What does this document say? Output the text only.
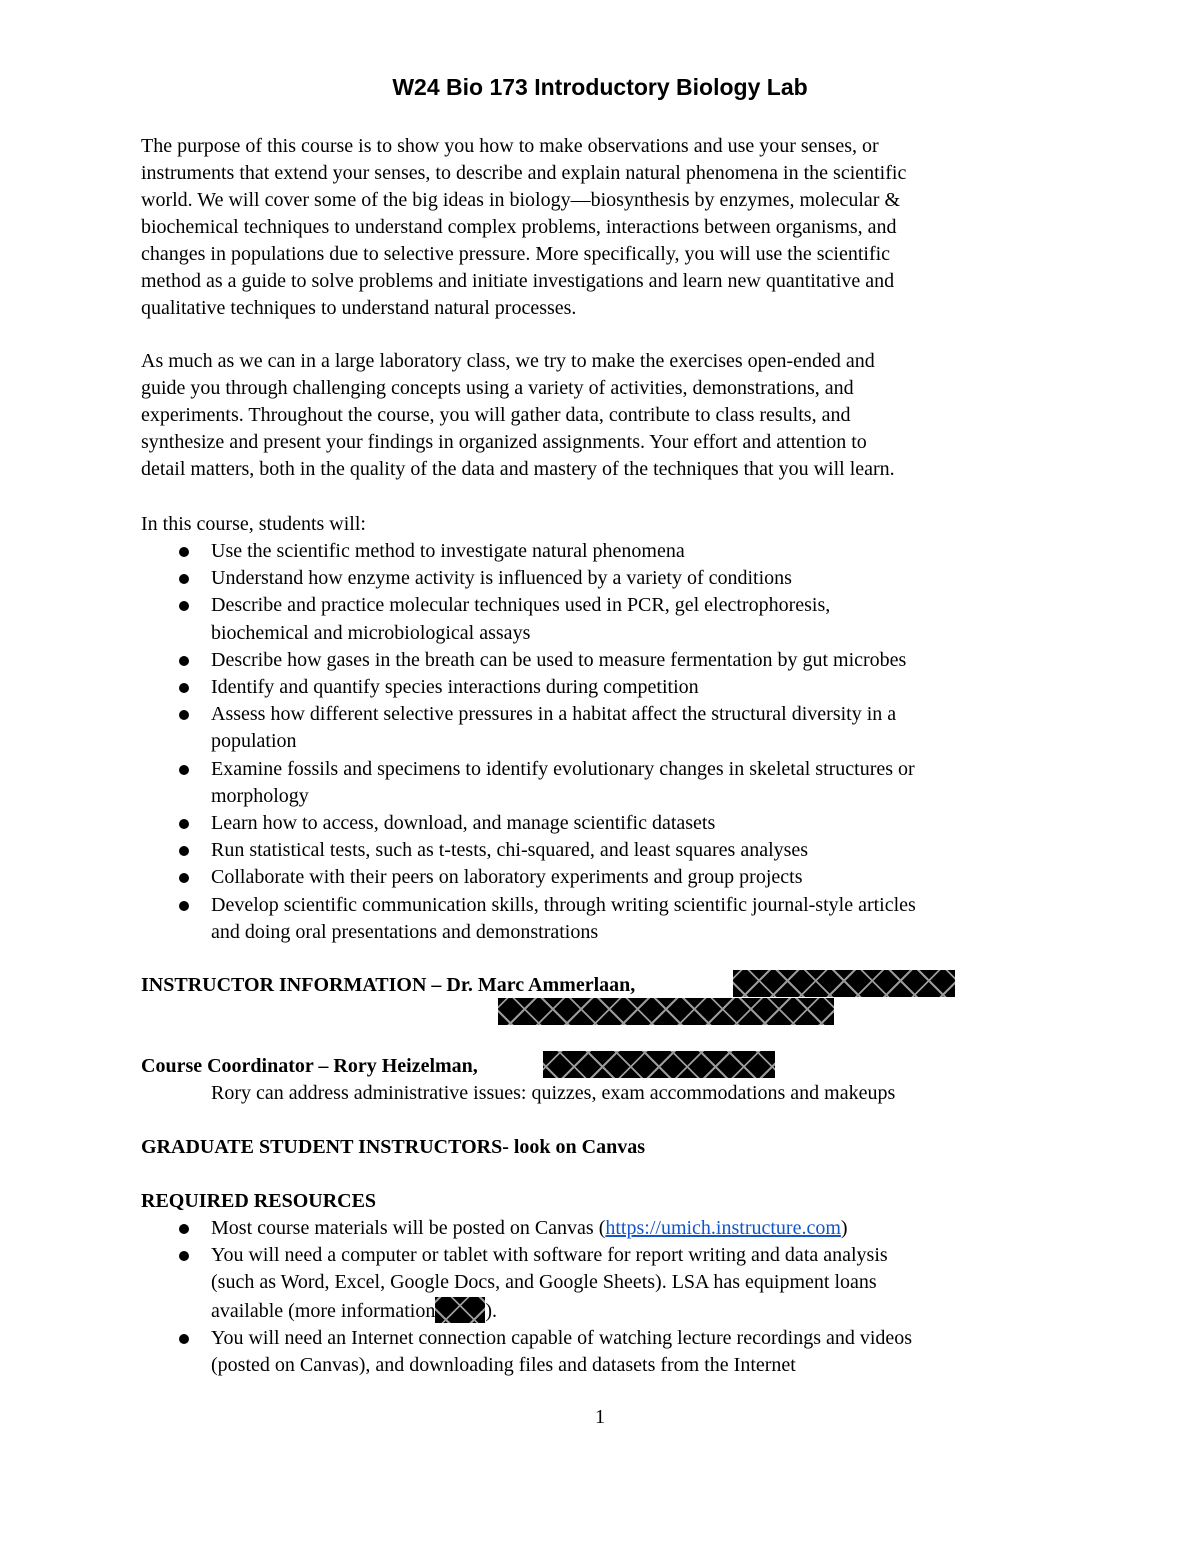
W24 Bio 173 Introductory Biology Lab
The purpose of this course is to show you how to make observations and use your senses, or
instruments that extend your senses, to describe and explain natural phenomena in the scientific
world. We will cover some of the big ideas in biology—biosynthesis by enzymes, molecular &
biochemical techniques to understand complex problems, interactions between organisms, and
changes in populations due to selective pressure. More specifically, you will use the scientific
method as a guide to solve problems and initiate investigations and learn new quantitative and
qualitative techniques to understand natural processes.
As much as we can in a large laboratory class, we try to make the exercises open-ended and
guide you through challenging concepts using a variety of activities, demonstrations, and
experiments. Throughout the course, you will gather data, contribute to class results, and
synthesize and present your findings in organized assignments. Your effort and attention to
detail matters, both in the quality of the data and mastery of the techniques that you will learn.
In this course, students will:
Use the scientific method to investigate natural phenomena
Understand how enzyme activity is influenced by a variety of conditions
Describe and practice molecular techniques used in PCR, gel electrophoresis,
biochemical and microbiological assays
Describe how gases in the breath can be used to measure fermentation by gut microbes
Identify and quantify species interactions during competition
Assess how different selective pressures in a habitat affect the structural diversity in a
population
Examine fossils and specimens to identify evolutionary changes in skeletal structures or
morphology
Learn how to access, download, and manage scientific datasets
Run statistical tests, such as t-tests, chi-squared, and least squares analyses
Collaborate with their peers on laboratory experiments and group projects
Develop scientific communication skills, through writing scientific journal-style articles
and doing oral presentations and demonstrations
INSTRUCTOR INFORMATION – Dr. Marc Ammerlaan,
Course Coordinator – Rory Heizelman,
Rory can address administrative issues: quizzes, exam accommodations and makeups
GRADUATE STUDENT INSTRUCTORS- look on Canvas
REQUIRED RESOURCES
Most course materials will be posted on Canvas (https://umich.instructure.com)
You will need a computer or tablet with software for report writing and data analysis
(such as Word, Excel, Google Docs, and Google Sheets). LSA has equipment loans
available (more information	).
You will need an Internet connection capable of watching lecture recordings and videos
(posted on Canvas), and downloading files and datasets from the Internet
1
